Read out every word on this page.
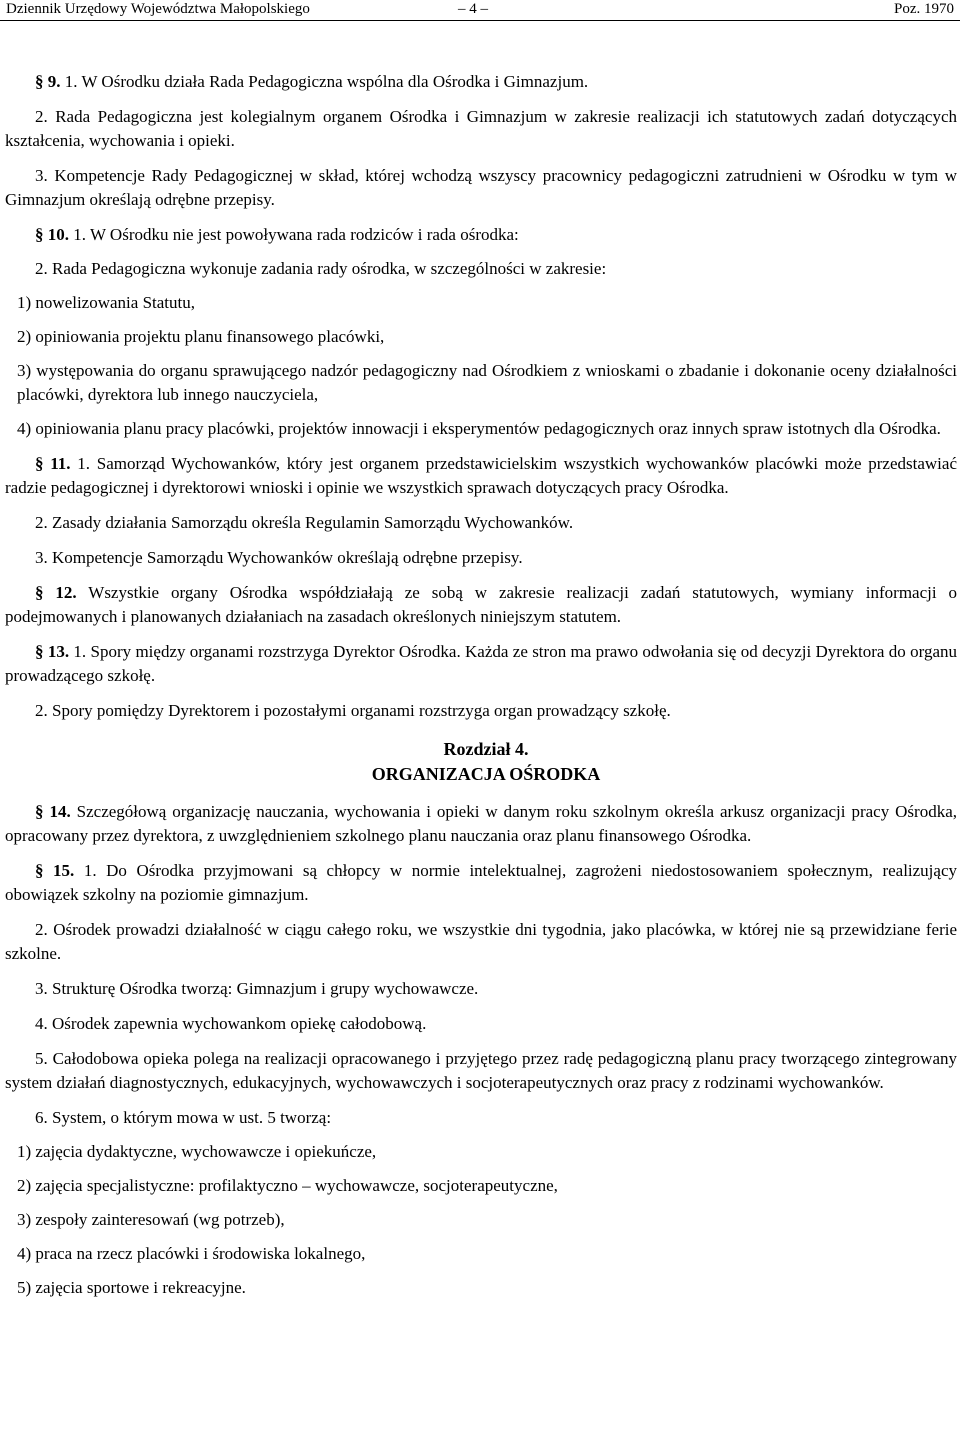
Dziennik Urzędowy Województwa Małopolskiego	– 4 –	Poz. 1970

§ 9. 1. W Ośrodku działa Rada Pedagogiczna wspólna dla Ośrodka i Gimnazjum.

2. Rada Pedagogiczna jest kolegialnym organem Ośrodka i Gimnazjum w zakresie realizacji ich statutowych zadań dotyczących kształcenia, wychowania i opieki.

3. Kompetencje Rady Pedagogicznej w skład, której wchodzą wszyscy pracownicy pedagogiczni zatrudnieni w Ośrodku w tym w Gimnazjum określają odrębne przepisy.

§ 10. 1. W Ośrodku nie jest powoływana rada rodziców i rada ośrodka:

2. Rada Pedagogiczna wykonuje zadania rady ośrodka, w szczególności w zakresie:

1) nowelizowania Statutu,

2) opiniowania projektu planu finansowego placówki,

3) występowania do organu sprawującego nadzór pedagogiczny nad Ośrodkiem z wnioskami o zbadanie i dokonanie oceny działalności placówki, dyrektora lub innego nauczyciela,

4) opiniowania planu pracy placówki, projektów innowacji i eksperymentów pedagogicznych oraz innych spraw istotnych dla Ośrodka.

§ 11. 1. Samorząd Wychowanków, który jest organem przedstawicielskim wszystkich wychowanków placówki może przedstawiać radzie pedagogicznej i dyrektorowi wnioski i opinie we wszystkich sprawach dotyczących pracy Ośrodka.

2. Zasady działania Samorządu określa Regulamin Samorządu Wychowanków.

3. Kompetencje Samorządu Wychowanków określają odrębne przepisy.

§ 12. Wszystkie organy Ośrodka współdziałają ze sobą w zakresie realizacji zadań statutowych, wymiany informacji o podejmowanych i planowanych działaniach na zasadach określonych niniejszym statutem.

§ 13. 1. Spory między organami rozstrzyga Dyrektor Ośrodka. Każda ze stron ma prawo odwołania się od decyzji Dyrektora do organu prowadzącego szkołę.

2. Spory pomiędzy Dyrektorem i pozostałymi organami rozstrzyga organ prowadzący szkołę.

Rozdział 4.

ORGANIZACJA OŚRODKA

§ 14. Szczegółową organizację nauczania, wychowania i opieki w danym roku szkolnym określa arkusz organizacji pracy Ośrodka, opracowany przez dyrektora, z uwzględnieniem szkolnego planu nauczania oraz planu finansowego Ośrodka.

§ 15. 1. Do Ośrodka przyjmowani są chłopcy w normie intelektualnej, zagrożeni niedostosowaniem społecznym, realizujący obowiązek szkolny na poziomie gimnazjum.

2. Ośrodek prowadzi działalność w ciągu całego roku, we wszystkie dni tygodnia, jako placówka, w której nie są przewidziane ferie szkolne.

3. Strukturę Ośrodka tworzą: Gimnazjum i grupy wychowawcze.

4. Ośrodek zapewnia wychowankom opiekę całodobową.

5. Całodobowa opieka polega na realizacji opracowanego i przyjętego przez radę pedagogiczną planu pracy tworzącego zintegrowany system działań diagnostycznych, edukacyjnych, wychowawczych i socjoterapeutycznych oraz pracy z rodzinami wychowanków.

6. System, o którym mowa w ust. 5 tworzą:

1) zajęcia dydaktyczne, wychowawcze i opiekuńcze,

2) zajęcia specjalistyczne: profilaktyczno – wychowawcze, socjoterapeutyczne,

3) zespoły zainteresowań (wg potrzeb),

4) praca na rzecz placówki i środowiska lokalnego,

5) zajęcia sportowe i rekreacyjne.
